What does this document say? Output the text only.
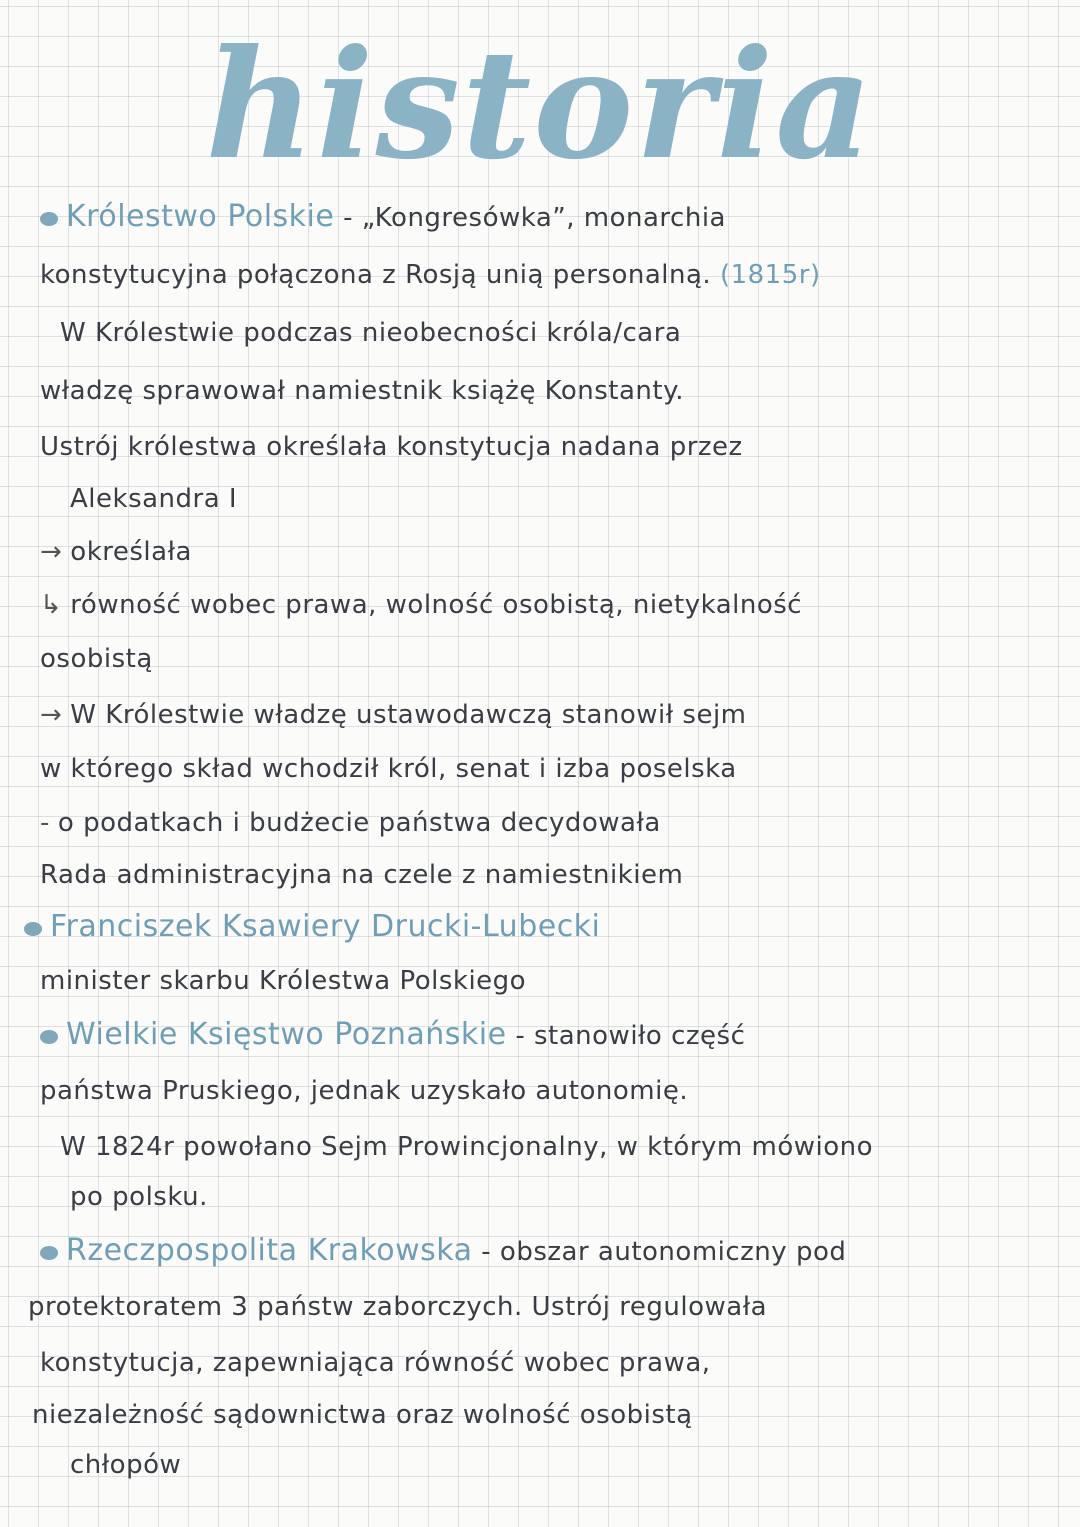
historia
Królestwo Polskie - „Kongresówka”, monarchia
konstytucyjna połączona z Rosją unią personalną. (1815r)
W Królestwie podczas nieobecności króla/cara
władzę sprawował namiestnik książę Konstanty.
Ustrój królestwa określała konstytucja nadana przez
Aleksandra I
→ określała
↳ równość wobec prawa, wolność osobistą, nietykalność
osobistą
→ W Królestwie władzę ustawodawczą stanowił sejm
w którego skład wchodził król, senat i izba poselska
- o podatkach i budżecie państwa decydowała
Rada administracyjna na czele z namiestnikiem
Franciszek Ksawiery Drucki-Lubecki
minister skarbu Królestwa Polskiego
Wielkie Księstwo Poznańskie - stanowiło część
państwa Pruskiego, jednak uzyskało autonomię.
W 1824r powołano Sejm Prowincjonalny, w którym mówiono
po polsku.
Rzeczpospolita Krakowska - obszar autonomiczny pod
protektoratem 3 państw zaborczych. Ustrój regulowała
konstytucja, zapewniająca równość wobec prawa,
niezależność sądownictwa oraz wolność osobistą
chłopów
